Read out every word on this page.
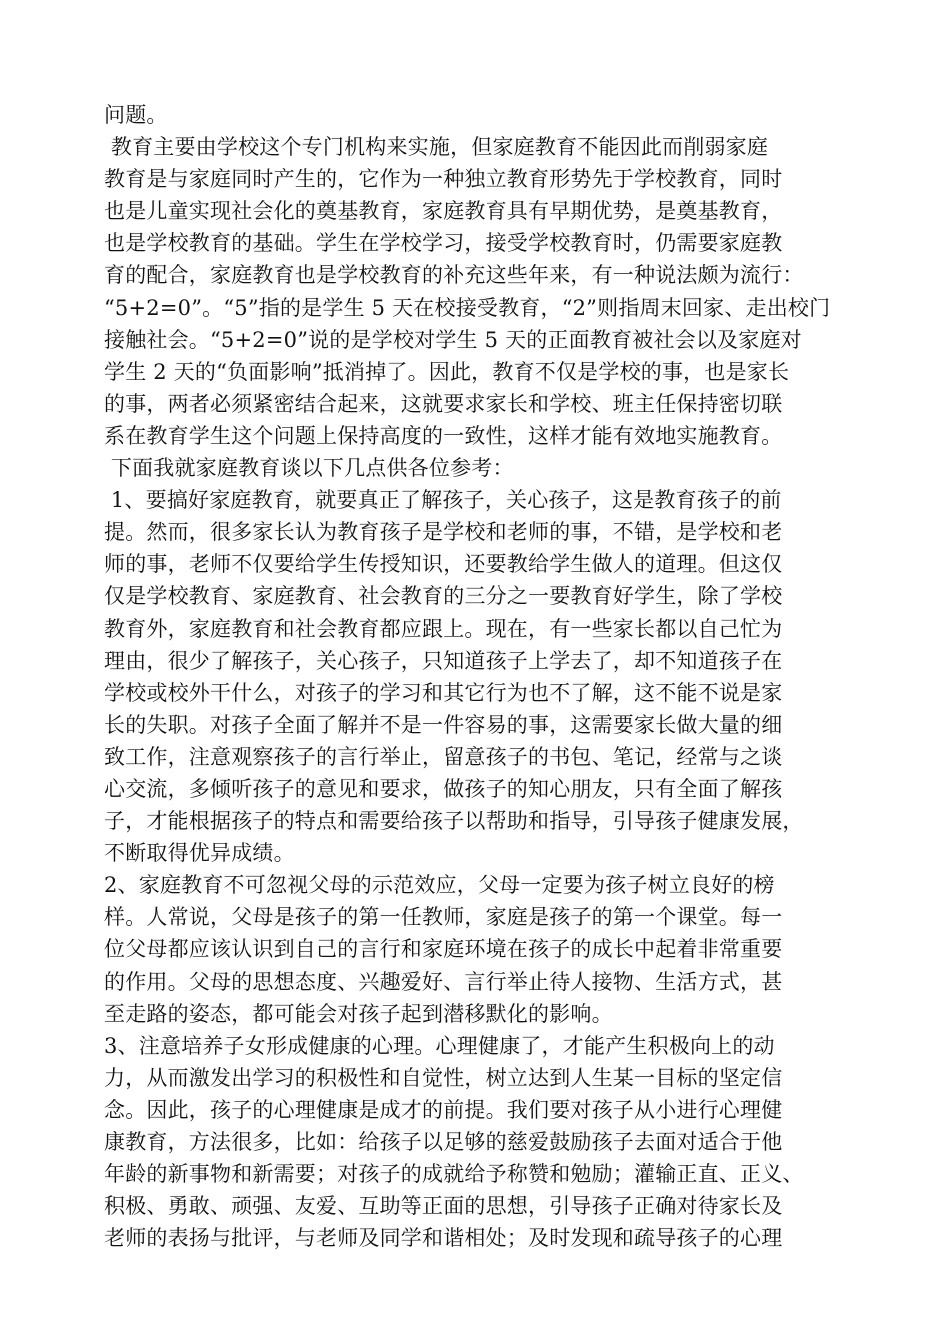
问题。
教育主要由学校这个专门机构来实施，但家庭教育不能因此而削弱家庭
教育是与家庭同时产生的，它作为一种独立教育形势先于学校教育，同时
也是儿童实现社会化的奠基教育，家庭教育具有早期优势，是奠基教育，
也是学校教育的基础。学生在学校学习，接受学校教育时，仍需要家庭教
育的配合，家庭教育也是学校教育的补充这些年来，有一种说法颇为流行：
“5+2=0”。“5”指的是学生 5 天在校接受教育，“2”则指周末回家、走出校门
接触社会。“5+2=0”说的是学校对学生 5 天的正面教育被社会以及家庭对
学生 2 天的“负面影响”抵消掉了。因此，教育不仅是学校的事，也是家长
的事，两者必须紧密结合起来，这就要求家长和学校、班主任保持密切联
系在教育学生这个问题上保持高度的一致性，这样才能有效地实施教育。
下面我就家庭教育谈以下几点供各位参考：
1、要搞好家庭教育，就要真正了解孩子，关心孩子，这是教育孩子的前
提。然而，很多家长认为教育孩子是学校和老师的事，不错，是学校和老
师的事，老师不仅要给学生传授知识，还要教给学生做人的道理。但这仅
仅是学校教育、家庭教育、社会教育的三分之一要教育好学生，除了学校
教育外，家庭教育和社会教育都应跟上。现在，有一些家长都以自己忙为
理由，很少了解孩子，关心孩子，只知道孩子上学去了，却不知道孩子在
学校或校外干什么，对孩子的学习和其它行为也不了解，这不能不说是家
长的失职。对孩子全面了解并不是一件容易的事，这需要家长做大量的细
致工作，注意观察孩子的言行举止，留意孩子的书包、笔记，经常与之谈
心交流，多倾听孩子的意见和要求，做孩子的知心朋友，只有全面了解孩
子，才能根据孩子的特点和需要给孩子以帮助和指导，引导孩子健康发展，
不断取得优异成绩。
2、家庭教育不可忽视父母的示范效应，父母一定要为孩子树立良好的榜
样。人常说，父母是孩子的第一任教师，家庭是孩子的第一个课堂。每一
位父母都应该认识到自己的言行和家庭环境在孩子的成长中起着非常重要
的作用。父母的思想态度、兴趣爱好、言行举止待人接物、生活方式，甚
至走路的姿态，都可能会对孩子起到潜移默化的影响。
3、注意培养子女形成健康的心理。心理健康了，才能产生积极向上的动
力，从而激发出学习的积极性和自觉性，树立达到人生某一目标的坚定信
念。因此，孩子的心理健康是成才的前提。我们要对孩子从小进行心理健
康教育，方法很多，比如：给孩子以足够的慈爱鼓励孩子去面对适合于他
年龄的新事物和新需要；对孩子的成就给予称赞和勉励；灌输正直、正义、
积极、勇敢、顽强、友爱、互助等正面的思想，引导孩子正确对待家长及
老师的表扬与批评，与老师及同学和谐相处；及时发现和疏导孩子的心理
